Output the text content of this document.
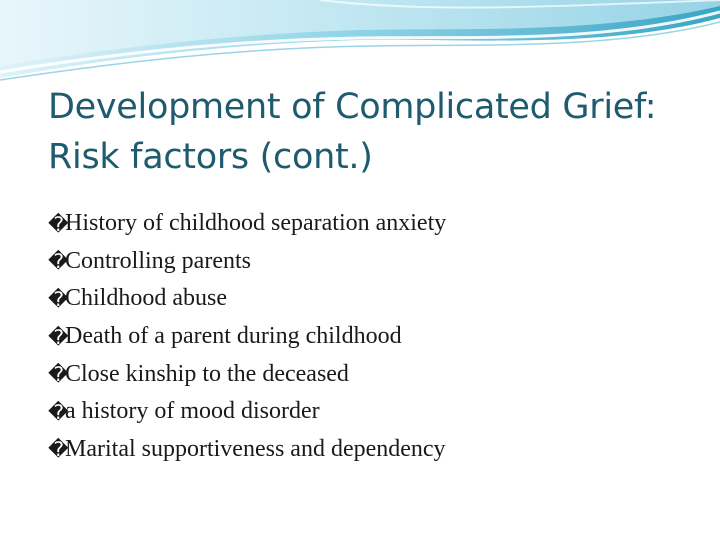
Development of Complicated Grief:
Risk factors (cont.)
�
History of childhood separation anxiety
�
Controlling parents
�
Childhood abuse
�
Death of a parent during childhood
�
Close kinship to the deceased
�
a history of mood disorder
�
Marital supportiveness and dependency
